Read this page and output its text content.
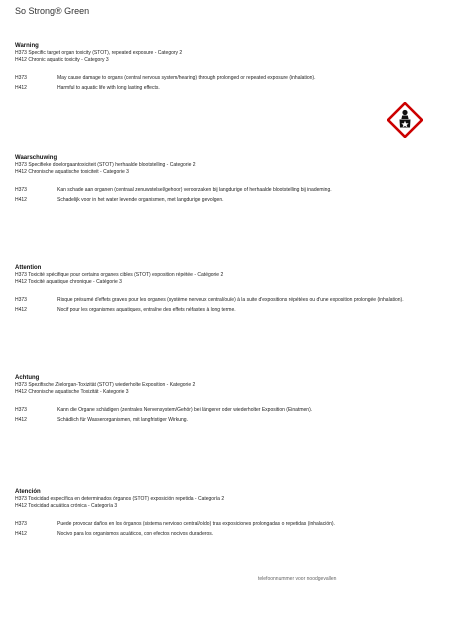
So Strong® Green
Warning
H373 Specific target organ toxicity (STOT), repeated exposure - Category 2
H412 Chronic aquatic toxicity - Category 3
H373	May cause damage to organs (central nervous system/hearing) through prolonged or repeated exposure (inhalation).
H412	Harmful to aquatic life with long lasting effects.
Waarschuwing
H373 Specifieke doelorgaantoxiciteit (STOT) herhaalde blootstelling - Categorie 2
H412 Chronische aquatische toxiciteit - Categorie 3
H373	Kan schade aan organen (centraal zenuwstelsel/gehoor) veroorzaken bij langdurige of herhaalde blootstelling bij inademing.
H412	Schadelijk voor in het water levende organismen, met langdurige gevolgen.
Attention
H373 Toxicité spécifique pour certains organes cibles (STOT) exposition répétée - Catégorie 2
H412 Toxicité aquatique chronique - Catégorie 3
H373	Risque présumé d'effets graves pour les organes (système nerveux central/ouïe) à la suite d'expositions répétées ou d'une exposition prolongée (inhalation).
H412	Nocif pour les organismes aquatiques, entraîne des effets néfastes à long terme.
Achtung
H373 Spezifische Zielorgan-Toxizität (STOT) wiederholte Exposition - Kategorie 2
H412 Chronische aquatische Toxizität - Kategorie 3
H373	Kann die Organe schädigen (zentrales Nervensystem/Gehör) bei längerer oder wiederholter Exposition (Einatmen).
H412	Schädlich für Wasserorganismen, mit langfristiger Wirkung.
Atención
H373 Toxicidad específica en determinados órganos (STOT) exposición repetida - Categoría 2
H412 Toxicidad acuática crónica - Categoría 3
H373	Puede provocar daños en los órganos (sistema nervioso central/oído) tras exposiciones prolongadas o repetidas (inhalación).
H412	Nocivo para los organismos acuáticos, con efectos nocivos duraderos.
telefoonnummer voor noodgevallen
